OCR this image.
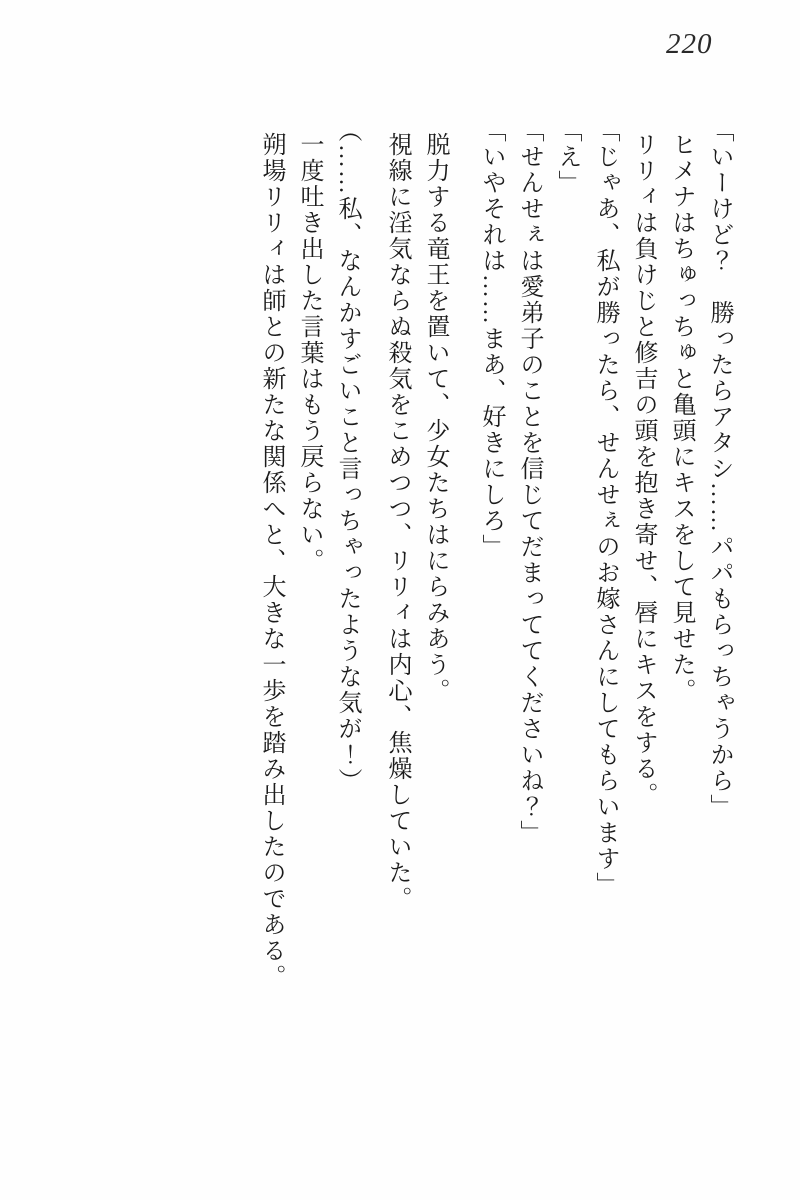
220

「いーけど？　勝ったらアタシ……パパもらっちゃうから」

ヒメナはちゅっちゅと亀頭にキスをして見せた。

リリィは負けじと修吉の頭を抱き寄せ、唇にキスをする。

「じゃあ、私が勝ったら、せんせぇのお嫁さんにしてもらいます」

「え」

「せんせぇは愛弟子のことを信じてだまっててくださいね？」

「いやそれは……まあ、好きにしろ」

脱力する竜王を置いて、少女たちはにらみあう。

視線に淫気ならぬ殺気をこめつつ、リリィは内心、焦燥していた。

（……私、なんかすごいこと言っちゃったような気が！）

一度吐き出した言葉はもう戻らない。

朔場リリィは師との新たな関係へと、大きな一歩を踏み出したのである。
